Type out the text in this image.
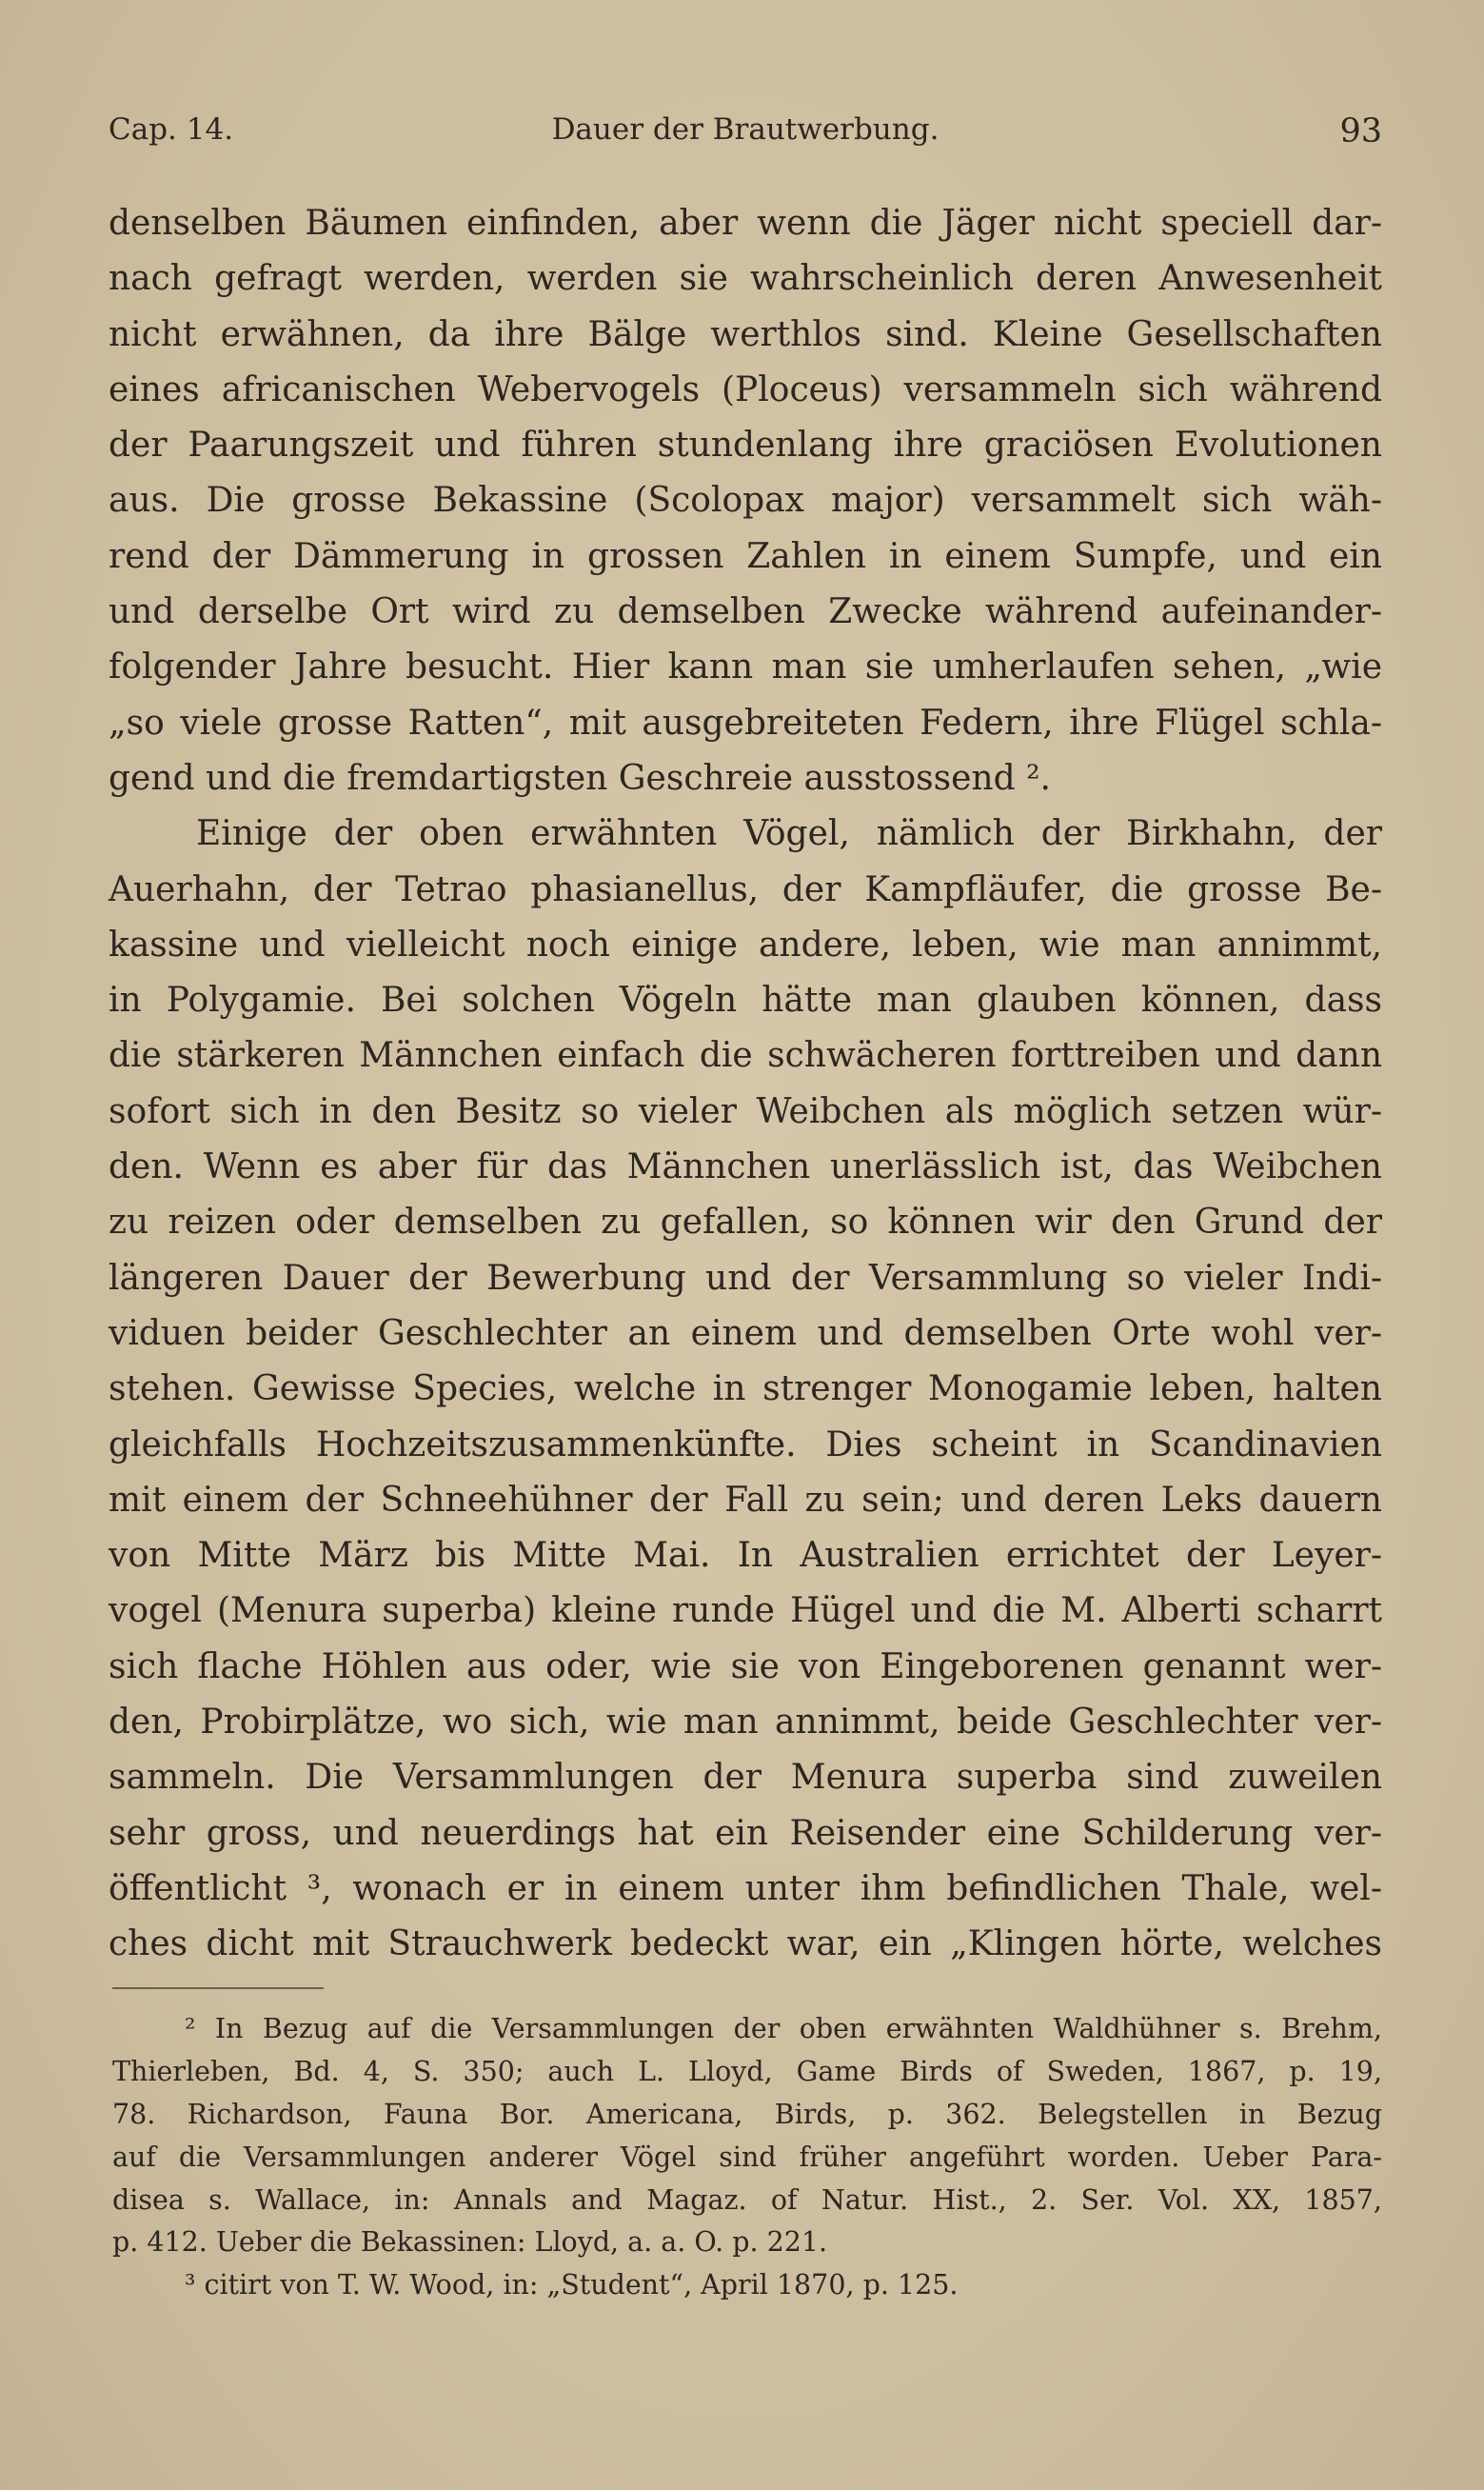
Cap. 14.	Dauer der Brautwerbung.	93
denselben Bäumen einfinden, aber wenn die Jäger nicht speciell dar-
nach gefragt werden, werden sie wahrscheinlich deren Anwesenheit
nicht erwähnen, da ihre Bälge werthlos sind. Kleine Gesellschaften
eines africanischen Webervogels (Ploceus) versammeln sich während
der Paarungszeit und führen stundenlang ihre graciösen Evolutionen
aus. Die grosse Bekassine (Scolopax major) versammelt sich wäh-
rend der Dämmerung in grossen Zahlen in einem Sumpfe, und ein
und derselbe Ort wird zu demselben Zwecke während aufeinander-
folgender Jahre besucht. Hier kann man sie umherlaufen sehen, „wie
„so viele grosse Ratten“, mit ausgebreiteten Federn, ihre Flügel schla-
gend und die fremdartigsten Geschreie ausstossend ².
Einige der oben erwähnten Vögel, nämlich der Birkhahn, der
Auerhahn, der Tetrao phasianellus, der Kampfläufer, die grosse Be-
kassine und vielleicht noch einige andere, leben, wie man annimmt,
in Polygamie. Bei solchen Vögeln hätte man glauben können, dass
die stärkeren Männchen einfach die schwächeren forttreiben und dann
sofort sich in den Besitz so vieler Weibchen als möglich setzen wür-
den. Wenn es aber für das Männchen unerlässlich ist, das Weibchen
zu reizen oder demselben zu gefallen, so können wir den Grund der
längeren Dauer der Bewerbung und der Versammlung so vieler Indi-
viduen beider Geschlechter an einem und demselben Orte wohl ver-
stehen. Gewisse Species, welche in strenger Monogamie leben, halten
gleichfalls Hochzeitszusammenkünfte. Dies scheint in Scandinavien
mit einem der Schneehühner der Fall zu sein; und deren Leks dauern
von Mitte März bis Mitte Mai. In Australien errichtet der Leyer-
vogel (Menura superba) kleine runde Hügel und die M. Alberti scharrt
sich flache Höhlen aus oder, wie sie von Eingeborenen genannt wer-
den, Probirplätze, wo sich, wie man annimmt, beide Geschlechter ver-
sammeln. Die Versammlungen der Menura superba sind zuweilen
sehr gross, und neuerdings hat ein Reisender eine Schilderung ver-
öffentlicht ³, wonach er in einem unter ihm befindlichen Thale, wel-
ches dicht mit Strauchwerk bedeckt war, ein „Klingen hörte, welches
² In Bezug auf die Versammlungen der oben erwähnten Waldhühner s. Brehm,
Thierleben, Bd. 4, S. 350; auch L. Lloyd, Game Birds of Sweden, 1867, p. 19,
78. Richardson, Fauna Bor. Americana, Birds, p. 362. Belegstellen in Bezug
auf die Versammlungen anderer Vögel sind früher angeführt worden. Ueber Para-
disea s. Wallace, in: Annals and Magaz. of Natur. Hist., 2. Ser. Vol. XX, 1857,
p. 412. Ueber die Bekassinen: Lloyd, a. a. O. p. 221.
³ citirt von T. W. Wood, in: „Student“, April 1870, p. 125.
